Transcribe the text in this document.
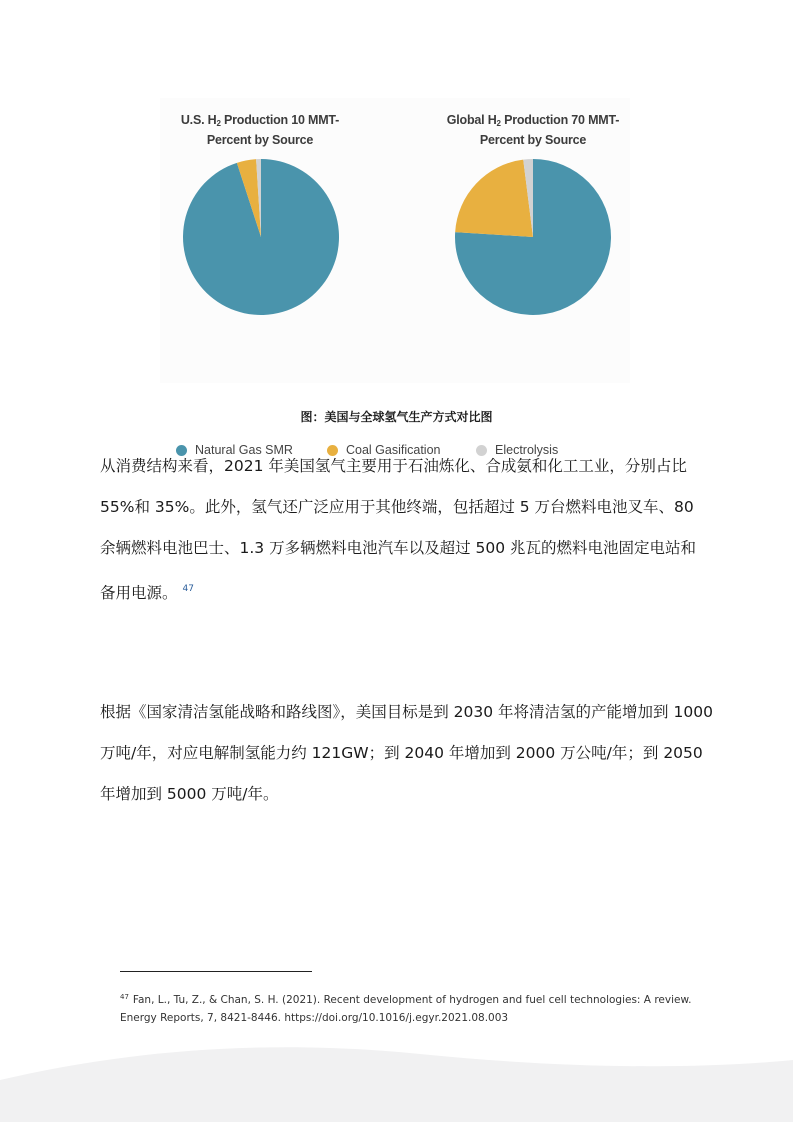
U.S. $H_2$ Production 10 MMT-
Percent by Source
Global $H_2$ Production 70 MMT-
Percent by Source
Natural Gas SMR	Coal Gasification	Electrolysis
图：美国与全球氢气生产方式对比图
从消费结构来看，2021 年美国氢气主要用于石油炼化、合成氨和化工工业，分别占比
55%和 35%。此外，氢气还广泛应用于其他终端，包括超过 5 万台燃料电池叉车、80
余辆燃料电池巴士、1.3 万多辆燃料电池汽车以及超过 500 兆瓦的燃料电池固定电站和
备用电源。 $^{47}$
根据《国家清洁氢能战略和路线图》，美国目标是到 2030 年将清洁氢的产能增加到 1000
万吨/年，对应电解制氢能力约 121GW；到 2040 年增加到 2000 万公吨/年；到 2050
年增加到 5000 万吨/年。
$^{47}$ Fan, L., Tu, Z., & Chan, S. H. (2021). Recent development of hydrogen and fuel cell technologies: A review.
Energy Reports, 7, 8421-8446. https://doi.org/10.1016/j.egyr.2021.08.003
